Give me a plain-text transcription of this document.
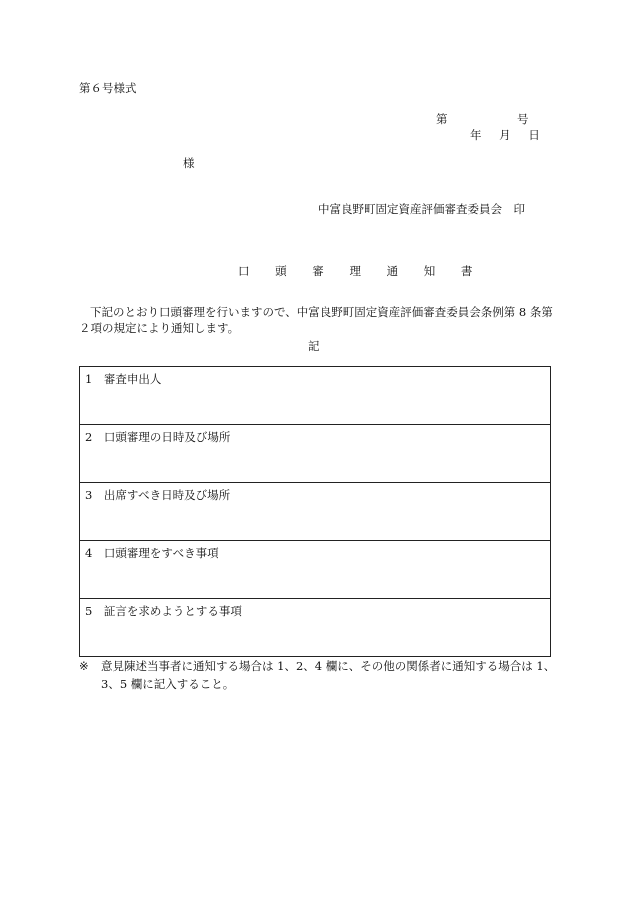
第６号様式
第	号
年 月 日
様
中富良野町固定資産評価審査委員会　印
口 頭 審 理 通 知 書
下記のとおり口頭審理を行いますので、中富良野町固定資産評価審査委員会条例第 8 条第２項の規定により通知します。
記
1　審査申出人
2　口頭審理の日時及び場所
3　出席すべき日時及び場所
4　口頭審理をすべき事項
5　証言を求めようとする事項
※ 意見陳述当事者に通知する場合は 1、2、4 欄に、その他の関係者に通知する場合は 1、3、5 欄に記入すること。
